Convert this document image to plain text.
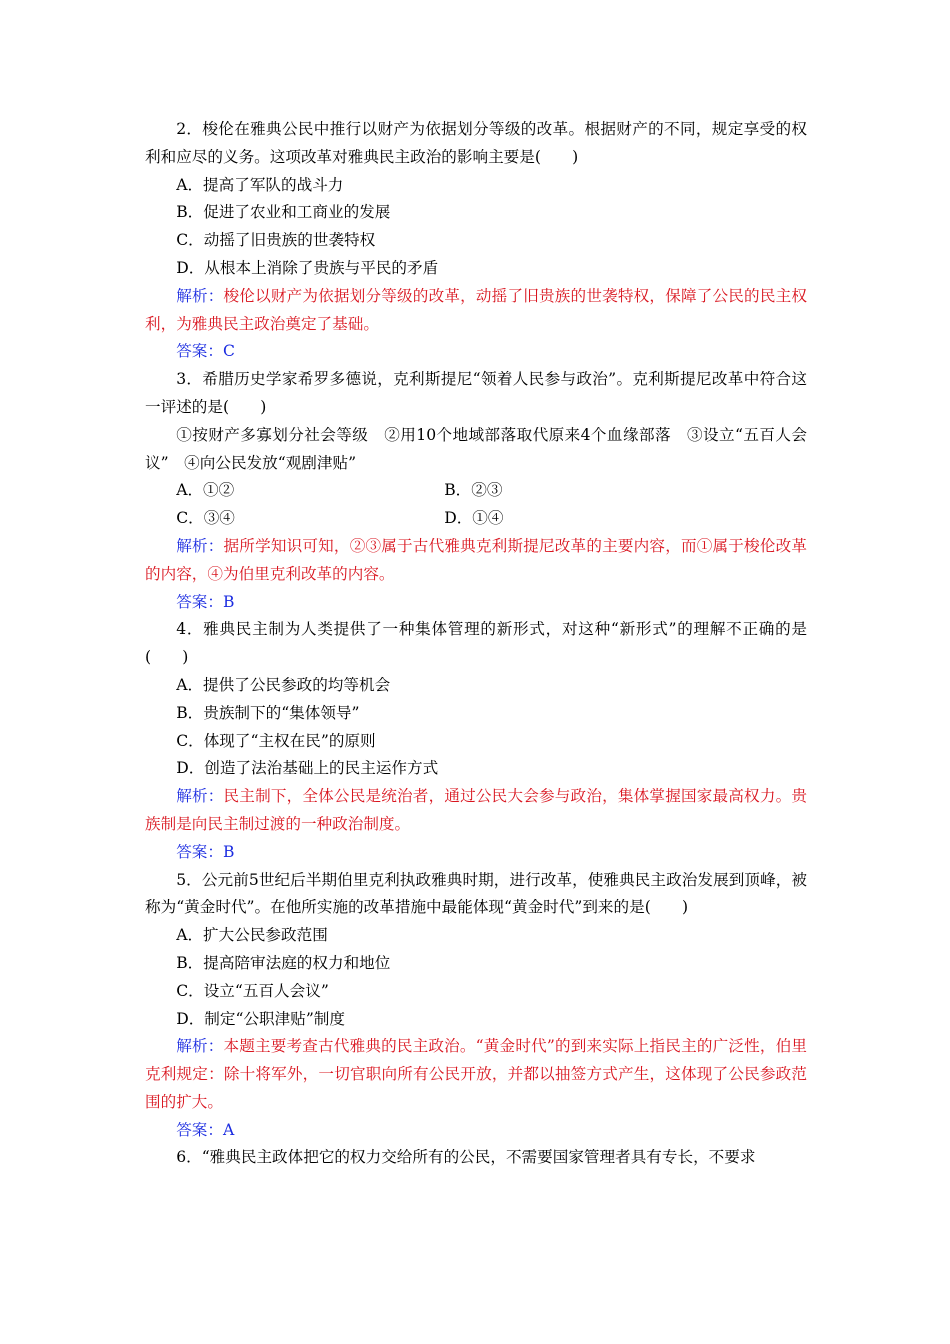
2．梭伦在雅典公民中推行以财产为依据划分等级的改革。根据财产的不同，规定享受的权利和应尽的义务。这项改革对雅典民主政治的影响主要是(　　)

A．提高了军队的战斗力

B．促进了农业和工商业的发展

C．动摇了旧贵族的世袭特权

D．从根本上消除了贵族与平民的矛盾

解析：梭伦以财产为依据划分等级的改革，动摇了旧贵族的世袭特权，保障了公民的民主权利，为雅典民主政治奠定了基础。

答案：C

3．希腊历史学家希罗多德说，克利斯提尼“领着人民参与政治”。克利斯提尼改革中符合这一评述的是(　　)

①按财产多寡划分社会等级　②用10个地域部落取代原来4个血缘部落　③设立“五百人会议”　④向公民发放“观剧津贴”

A．①②	B．②③
C．③④	D．①④

解析：据所学知识可知，②③属于古代雅典克利斯提尼改革的主要内容，而①属于梭伦改革的内容，④为伯里克利改革的内容。

答案：B

4．雅典民主制为人类提供了一种集体管理的新形式，对这种“新形式”的理解不正确的是(　　)

A．提供了公民参政的均等机会

B．贵族制下的“集体领导”

C．体现了“主权在民”的原则

D．创造了法治基础上的民主运作方式

解析：民主制下，全体公民是统治者，通过公民大会参与政治，集体掌握国家最高权力。贵族制是向民主制过渡的一种政治制度。

答案：B

5．公元前5世纪后半期伯里克利执政雅典时期，进行改革，使雅典民主政治发展到顶峰，被称为“黄金时代”。在他所实施的改革措施中最能体现“黄金时代”到来的是(　　)

A．扩大公民参政范围

B．提高陪审法庭的权力和地位

C．设立“五百人会议”

D．制定“公职津贴”制度

解析：本题主要考查古代雅典的民主政治。“黄金时代”的到来实际上指民主的广泛性，伯里克利规定：除十将军外，一切官职向所有公民开放，并都以抽签方式产生，这体现了公民参政范围的扩大。

答案：A

6．“雅典民主政体把它的权力交给所有的公民，不需要国家管理者具有专长，不要求
